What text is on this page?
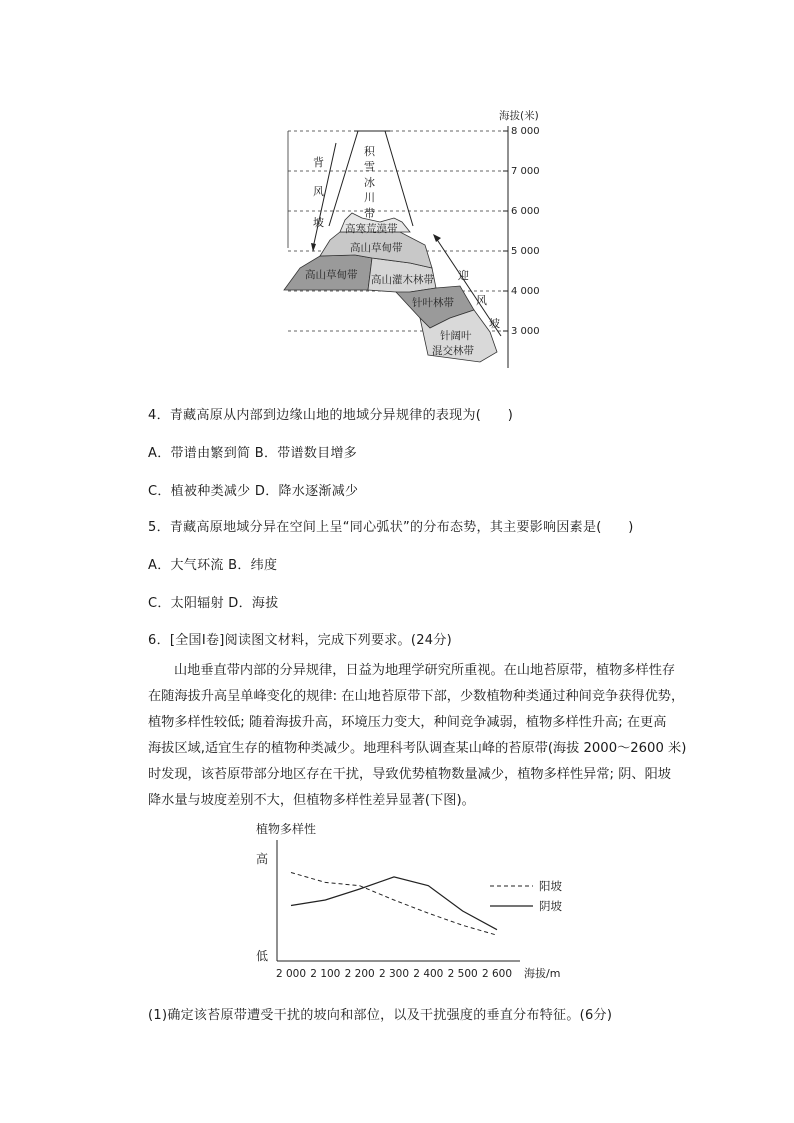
海拔(米)
8 000
7 000
6 000
5 000
4 000
3 000
背
风
坡
迎
风
坡
积
雪
冰
川
带
高寒荒漠带
高山草甸带
高山草甸带 高山灌木林带
针叶林带
针阔叶
混交林带
4．青藏高原从内部到边缘山地的地域分异规律的表现为(　　)
A．带谱由繁到简 B．带谱数目增多
C．植被种类减少 D．降水逐渐减少
5．青藏高原地域分异在空间上呈“同心弧状”的分布态势，其主要影响因素是(　　)
A．大气环流 B．纬度
C．太阳辐射 D．海拔
6．[全国Ⅰ卷]阅读图文材料，完成下列要求。(24分)
山地垂直带内部的分异规律，日益为地理学研究所重视。在山地苔原带，植物多样性存
在随海拔升高呈单峰变化的规律: 在山地苔原带下部，少数植物种类通过种间竞争获得优势，
植物多样性较低; 随着海拔升高，环境压力变大，种间竞争减弱，植物多样性升高; 在更高
海拔区域,适宜生存的植物种类减少。地理科考队调查某山峰的苔原带(海拔 2000～2600 米)
时发现，该苔原带部分地区存在干扰，导致优势植物数量减少，植物多样性异常; 阴、阳坡
降水量与坡度差别不大，但植物多样性差异显著(下图)。
植物多样性
高
低
海拔/m
2 000 2 100 2 200 2 300 2 400 2 500 2 600
阳坡
阴坡
(1)确定该苔原带遭受干扰的坡向和部位，以及干扰强度的垂直分布特征。(6分)
